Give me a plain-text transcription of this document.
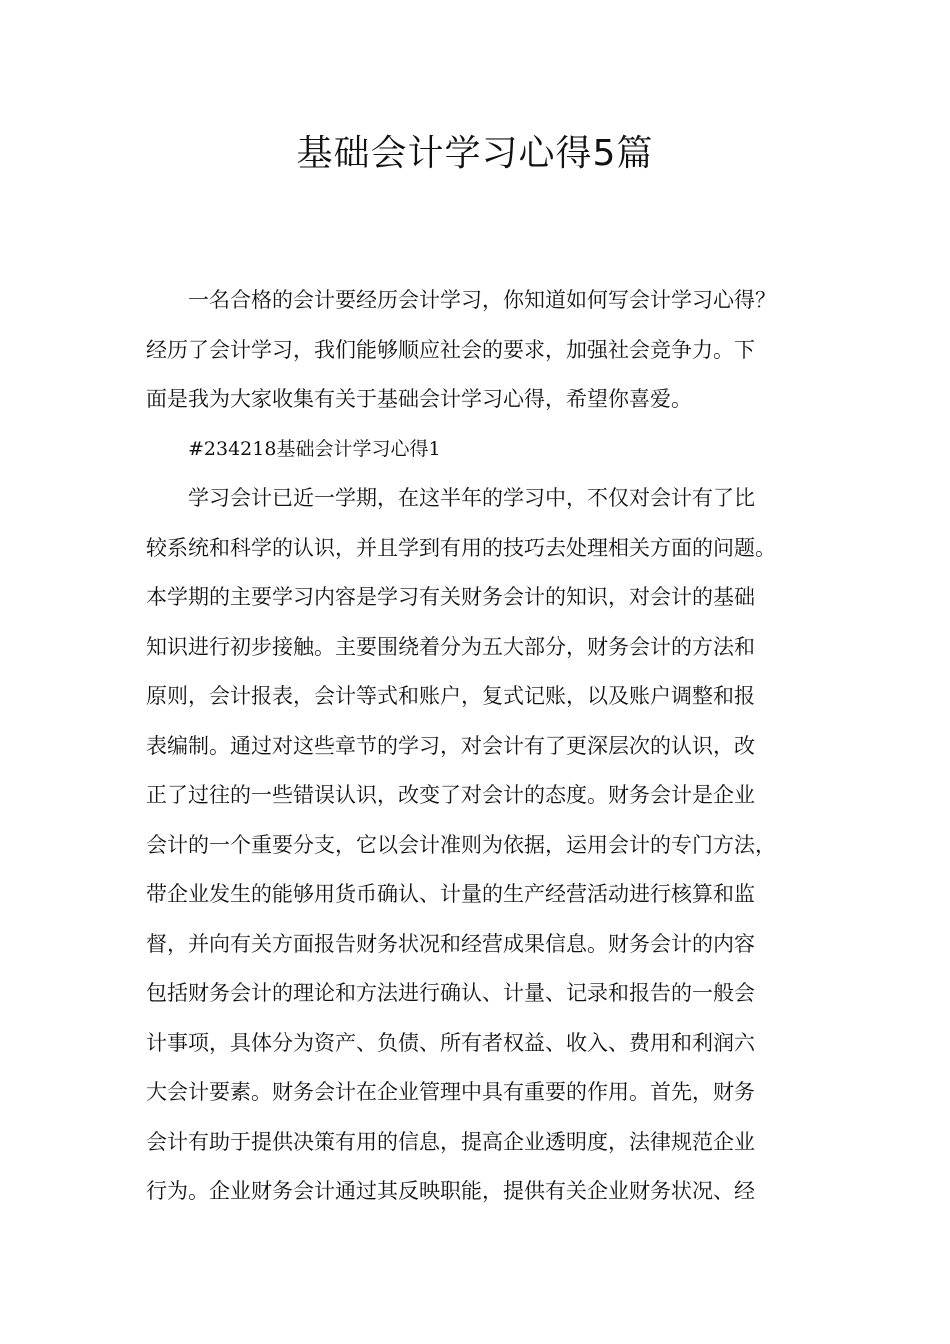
基础会计学习心得5篇
一名合格的会计要经历会计学习，你知道如何写会计学习心得？
经历了会计学习，我们能够顺应社会的要求，加强社会竞争力。下
面是我为大家收集有关于基础会计学习心得，希望你喜爱。
#234218基础会计学习心得1
学习会计已近一学期，在这半年的学习中，不仅对会计有了比
较系统和科学的认识，并且学到有用的技巧去处理相关方面的问题。
本学期的主要学习内容是学习有关财务会计的知识，对会计的基础
知识进行初步接触。主要围绕着分为五大部分，财务会计的方法和
原则，会计报表，会计等式和账户，复式记账，以及账户调整和报
表编制。通过对这些章节的学习，对会计有了更深层次的认识，改
正了过往的一些错误认识，改变了对会计的态度。财务会计是企业
会计的一个重要分支，它以会计准则为依据，运用会计的专门方法，
带企业发生的能够用货币确认、计量的生产经营活动进行核算和监
督，并向有关方面报告财务状况和经营成果信息。财务会计的内容
包括财务会计的理论和方法进行确认、计量、记录和报告的一般会
计事项，具体分为资产、负债、所有者权益、收入、费用和利润六
大会计要素。财务会计在企业管理中具有重要的作用。首先，财务
会计有助于提供决策有用的信息，提高企业透明度，法律规范企业
行为。企业财务会计通过其反映职能，提供有关企业财务状况、经
